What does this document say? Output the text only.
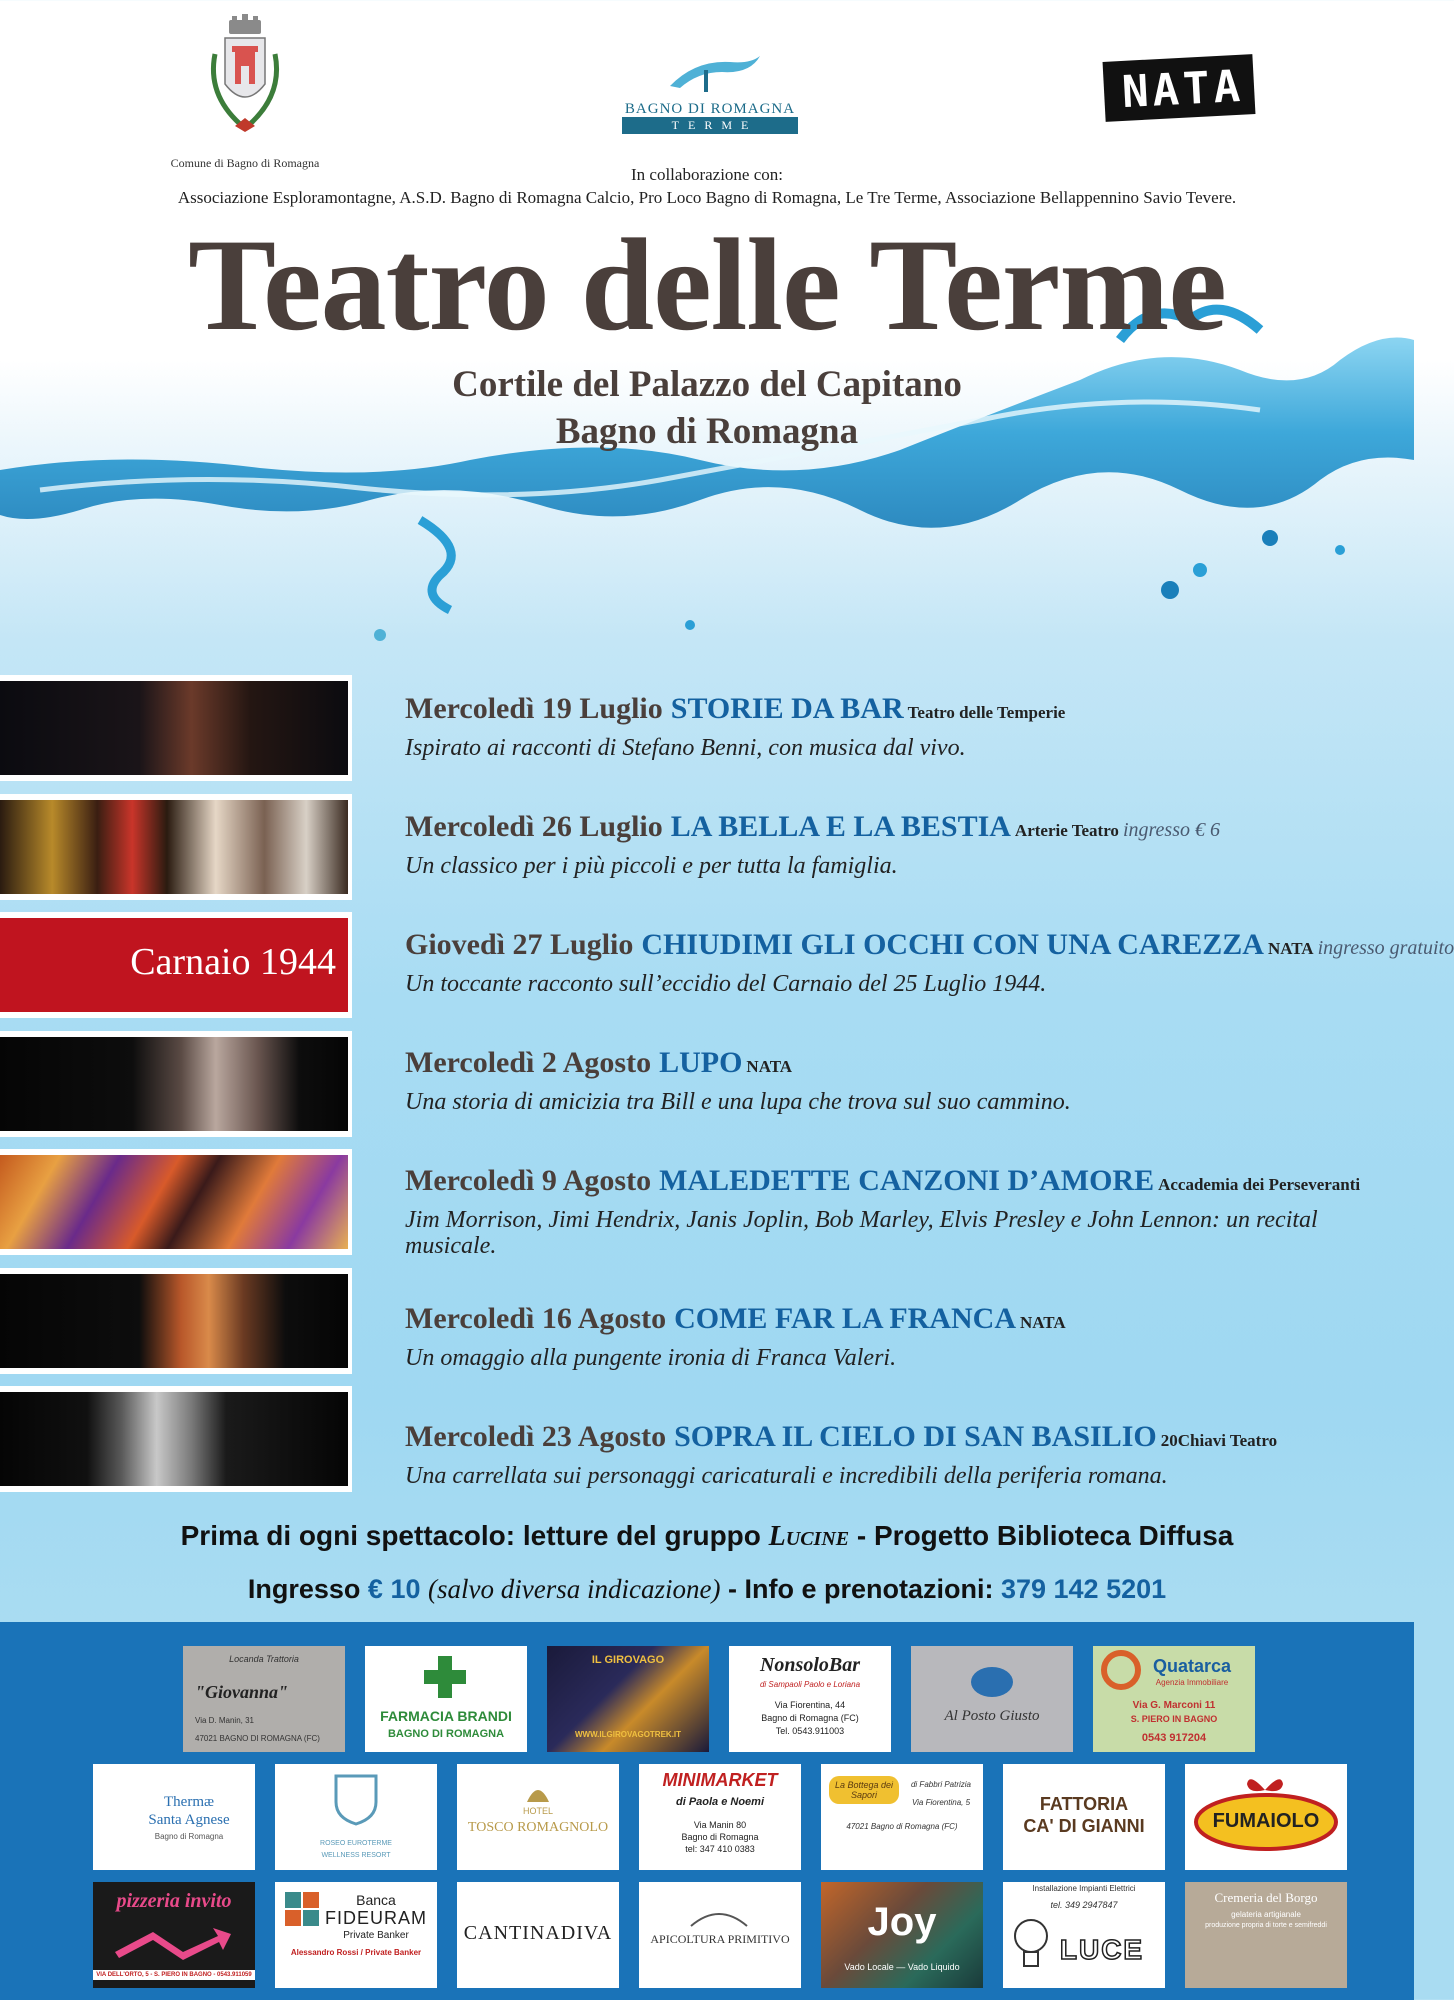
Comune di Bagno di Romagna
BAGNO DI ROMAGNA
TERME
NATA
In collaborazione con:
Associazione Esploramontagne, A.S.D. Bagno di Romagna Calcio, Pro Loco Bagno di Romagna, Le Tre Terme, Associazione Bellappennino Savio Tevere.
Teatro delle Terme
Cortile del Palazzo del Capitano
Bagno di Romagna
Carnaio 1944
Mercoledì 19 Luglio STORIE DA BAR Teatro delle Temperie
Ispirato ai racconti di Stefano Benni, con musica dal vivo.
Mercoledì 26 Luglio LA BELLA E LA BESTIA Arterie Teatro ingresso € 6
Un classico per i più piccoli e per tutta la famiglia.
Giovedì 27 Luglio CHIUDIMI GLI OCCHI CON UNA CAREZZA NATA ingresso gratuito
Un toccante racconto sull’eccidio del Carnaio del 25 Luglio 1944.
Mercoledì 2 Agosto LUPO NATA
Una storia di amicizia tra Bill e una lupa che trova sul suo cammino.
Mercoledì 9 Agosto MALEDETTE CANZONI D’AMORE Accademia dei Perseveranti
Jim Morrison, Jimi Hendrix, Janis Joplin, Bob Marley, Elvis Presley e John Lennon: un recital musicale.
Mercoledì 16 Agosto COME FAR LA FRANCA NATA
Un omaggio alla pungente ironia di Franca Valeri.
Mercoledì 23 Agosto SOPRA IL CIELO DI SAN BASILIO 20Chiavi Teatro
Una carrellata sui personaggi caricaturali e incredibili della periferia romana.
Prima di ogni spettacolo: letture del gruppo Lucine - Progetto Biblioteca Diffusa
Ingresso € 10 (salvo diversa indicazione) - Info e prenotazioni: 379 142 5201
Locanda Trattoria
"Giovanna"
Via D. Manin, 31
47021 BAGNO DI ROMAGNA (FC)
FARMACIA BRANDI
BAGNO DI ROMAGNA
IL GIROVAGO
WWW.ILGIROVAGOTREK.IT
NonsoloBar
di Sampaoli Paolo e Loriana
Via Fiorentina, 44
Bagno di Romagna (FC)
Tel. 0543.911003
Al Posto Giusto
Quatarca
Agenzia Immobiliare
Via G. Marconi 11
S. PIERO IN BAGNO
0543 917204
Thermæ
Santa Agnese
Bagno di Romagna
ROSEO EUROTERME
WELLNESS RESORT
HOTEL
TOSCO ROMAGNOLO
MINIMARKET
di Paola e Noemi
Via Manin 80
Bagno di Romagna
tel: 347 410 0383
La Bottega dei Sapori
di Fabbri Patrizia
Via Fiorentina, 5
47021 Bagno di Romagna (FC)
FATTORIA
CA' DI GIANNI	FUMAIOLO
pizzeria invito
VIA DELL'ORTO, 5 - S. PIERO IN BAGNO - 0543.911059
Banca
FIDEURAM
Private Banker
Alessandro Rossi / Private Banker
CANTINADIVA	APICOLTURA PRIMITIVO	Joy
Vado Locale — Vado Liquido
Installazione Impianti Elettrici
tel. 349 2947847
LUCE
Cremeria del Borgo
gelateria artigianale
produzione propria di torte e semifreddi
